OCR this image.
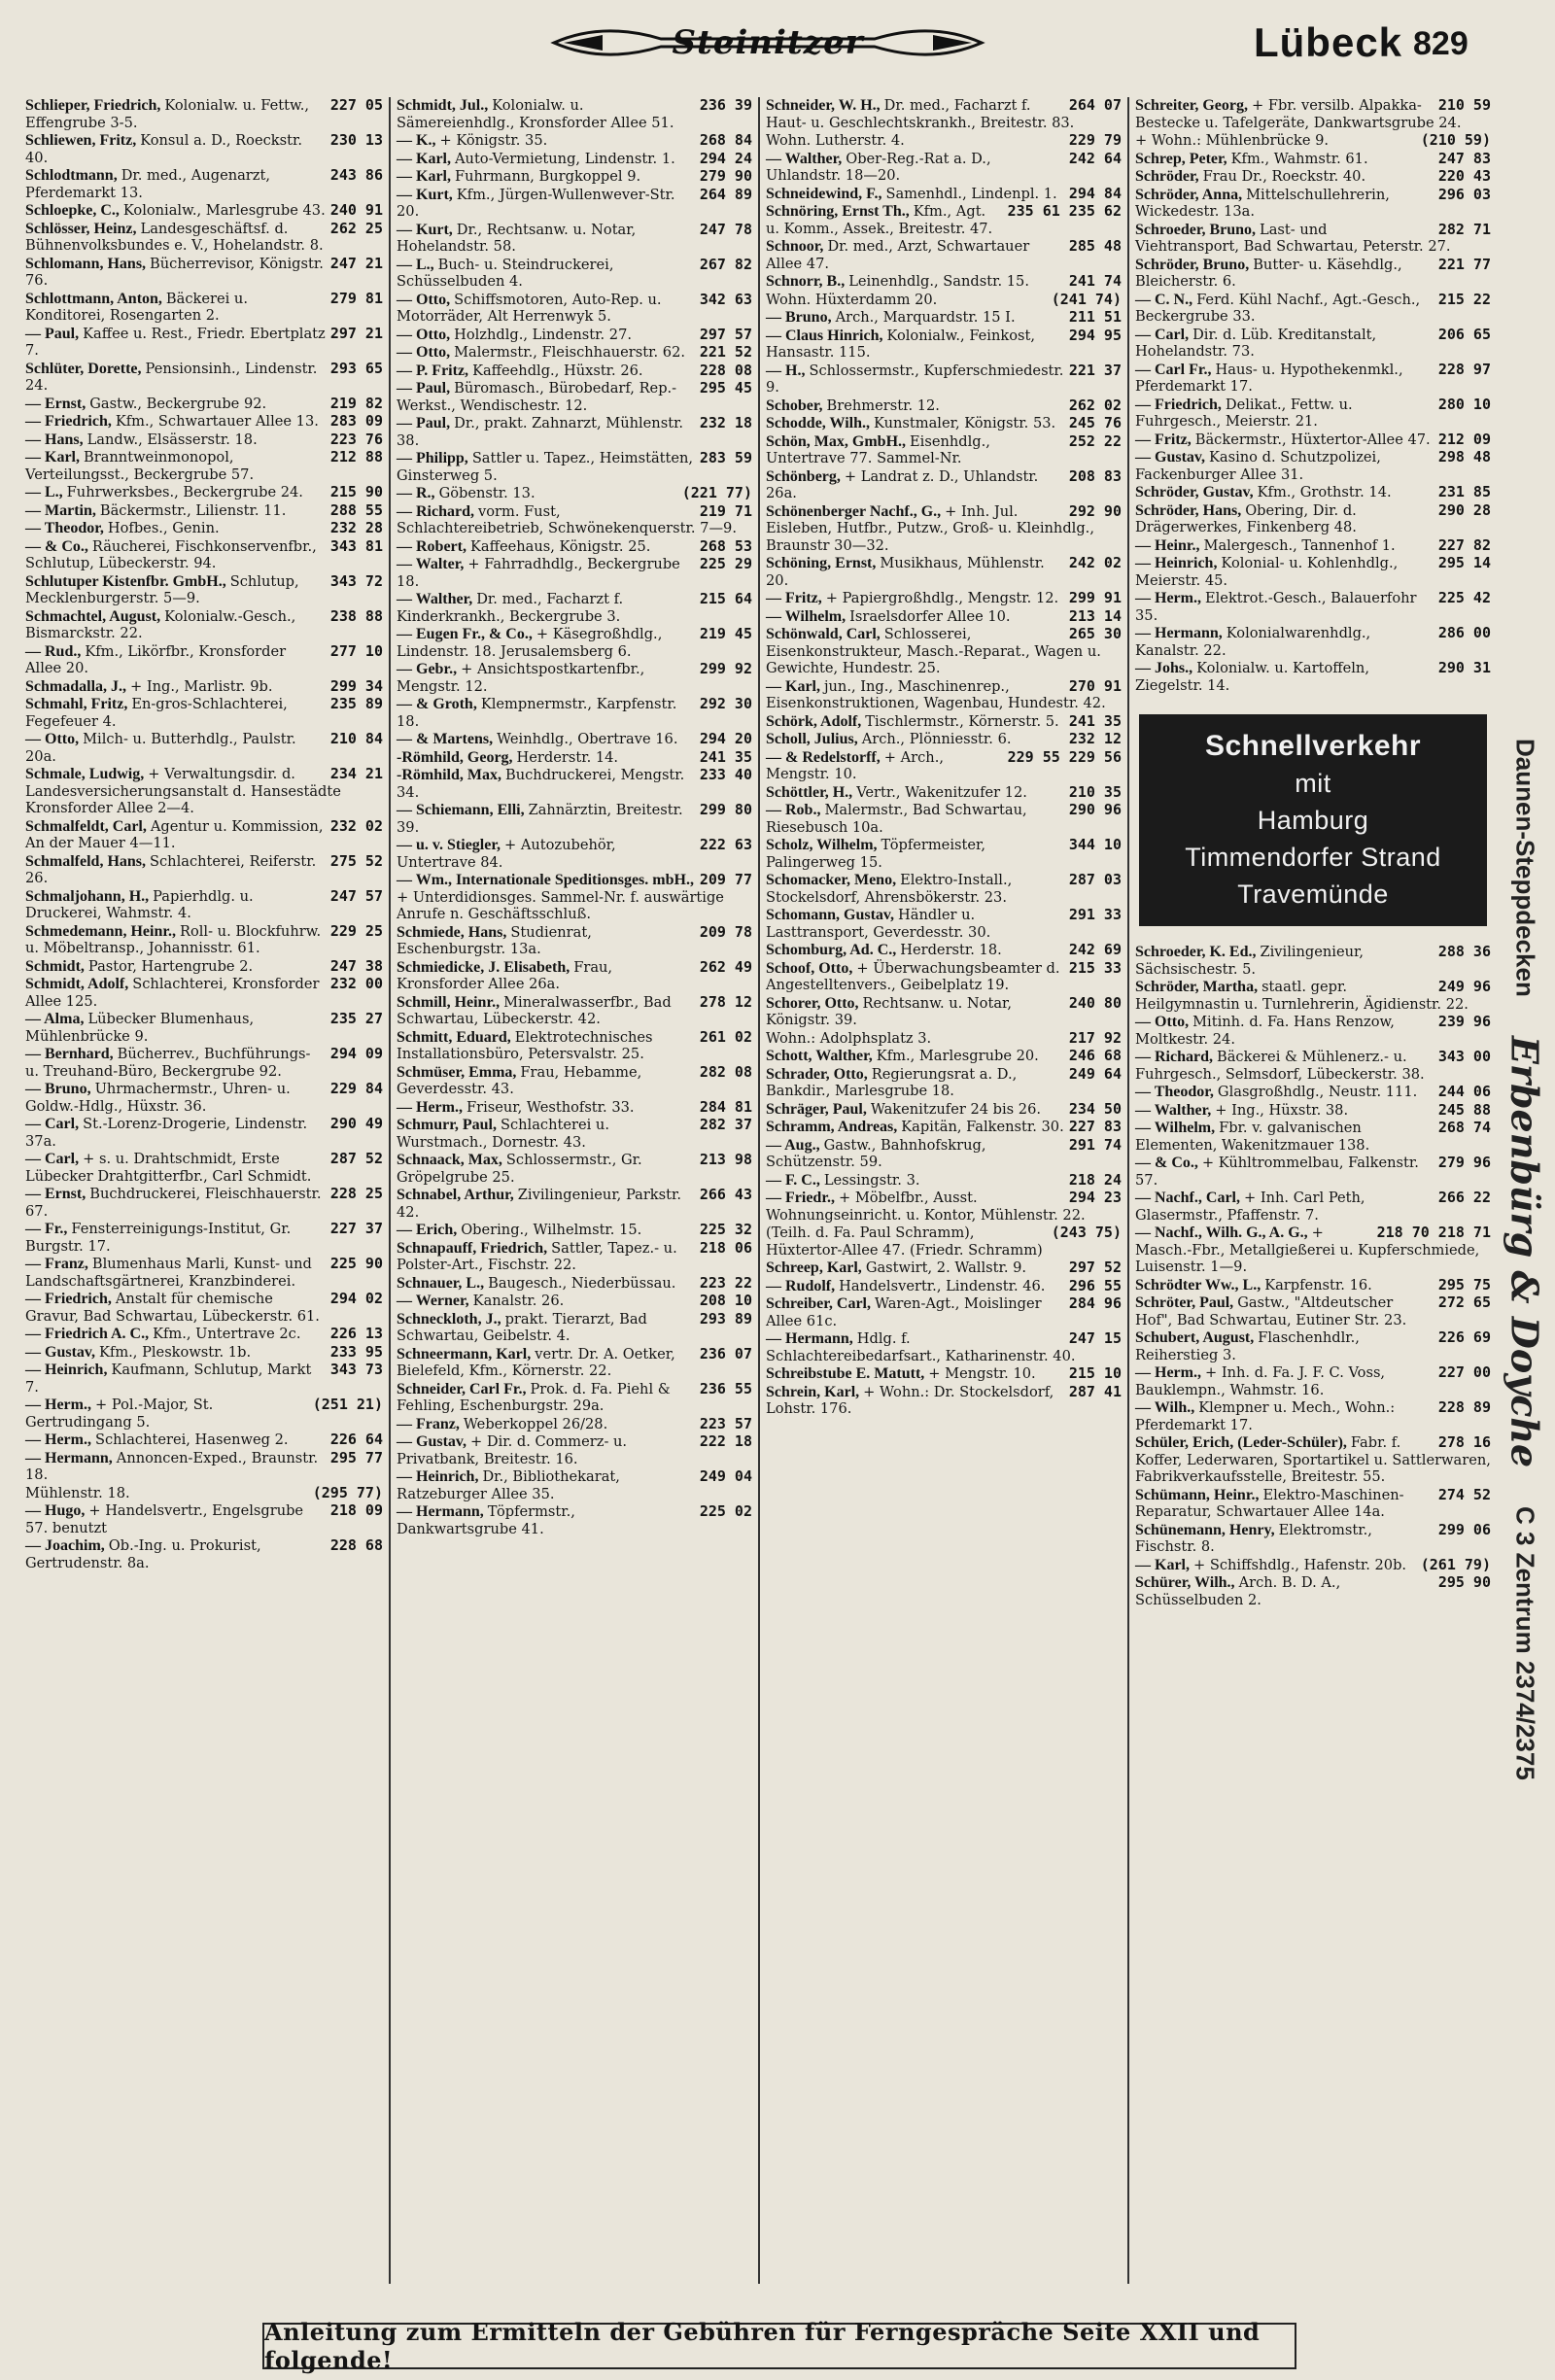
Steinitzer	Lübeck 829
227 05
Schlieper, Friedrich, Kolonialw. u. Fettw., Effengrube 3-5.
230 13
Schliewen, Fritz, Konsul a. D., Roeckstr. 40.
243 86
Schlodtmann, Dr. med., Augenarzt, Pferdemarkt 13.
240 91
Schloepke, C., Kolonialw., Marlesgrube 43.
262 25
Schlösser, Heinz, Landesgeschäftsf. d. Bühnenvolksbundes e. V., Hohelandstr. 8.
247 21
Schlomann, Hans, Bücherrevisor, Königstr. 76.
279 81
Schlottmann, Anton, Bäckerei u. Konditorei, Rosengarten 2.
297 21
— Paul, Kaffee u. Rest., Friedr. Ebertplatz 7.
293 65
Schlüter, Dorette, Pensionsinh., Lindenstr. 24.
219 82
— Ernst, Gastw., Beckergrube 92.
283 09
— Friedrich, Kfm., Schwartauer Allee 13.
223 76
— Hans, Landw., Elsässerstr. 18.
212 88
— Karl, Branntweinmonopol, Verteilungsst., Beckergrube 57.
215 90
— L., Fuhrwerksbes., Beckergrube 24.
288 55
— Martin, Bäckermstr., Lilienstr. 11.
232 28
— Theodor, Hofbes., Genin.
343 81
— & Co., Räucherei, Fischkonservenfbr., Schlutup, Lübeckerstr. 94.
343 72
Schlutuper Kistenfbr. GmbH., Schlutup, Mecklenburgerstr. 5—9.
238 88
Schmachtel, August, Kolonialw.-Gesch., Bismarckstr. 22.
277 10
— Rud., Kfm., Likörfbr., Kronsforder Allee 20.
299 34
Schmadalla, J., + Ing., Marlistr. 9b.
235 89
Schmahl, Fritz, En-gros-Schlachterei, Fegefeuer 4.
210 84
— Otto, Milch- u. Butterhdlg., Paulstr. 20a.
234 21
Schmale, Ludwig, + Verwaltungsdir. d. Landesversicherungsanstalt d. Hansestädte Kronsforder Allee 2—4.
232 02
Schmalfeldt, Carl, Agentur u. Kommission, An der Mauer 4—11.
275 52
Schmalfeld, Hans, Schlachterei, Reiferstr. 26.
247 57
Schmaljohann, H., Papierhdlg. u. Druckerei, Wahmstr. 4.
229 25
Schmedemann, Heinr., Roll- u. Blockfuhrw. u. Möbeltransp., Johannisstr. 61.
247 38
Schmidt, Pastor, Hartengrube 2.
232 00
Schmidt, Adolf, Schlachterei, Kronsforder Allee 125.
235 27
— Alma, Lübecker Blumenhaus, Mühlenbrücke 9.
294 09
— Bernhard, Bücherrev., Buchführungs- u. Treuhand-Büro, Beckergrube 92.
229 84
— Bruno, Uhrmachermstr., Uhren- u. Goldw.-Hdlg., Hüxstr. 36.
290 49
— Carl, St.-Lorenz-Drogerie, Lindenstr. 37a.
287 52
— Carl, + s. u. Drahtschmidt, Erste Lübecker Drahtgitterfbr., Carl Schmidt.
228 25
— Ernst, Buchdruckerei, Fleischhauerstr. 67.
227 37
— Fr., Fensterreinigungs-Institut, Gr. Burgstr. 17.
225 90
— Franz, Blumenhaus Marli, Kunst- und Landschaftsgärtnerei, Kranzbinderei.
294 02
— Friedrich, Anstalt für chemische Gravur, Bad Schwartau, Lübeckerstr. 61.
226 13
— Friedrich A. C., Kfm., Untertrave 2c.
233 95
— Gustav, Kfm., Pleskowstr. 1b.
343 73
— Heinrich, Kaufmann, Schlutup, Markt 7.
(251 21)
— Herm., + Pol.-Major, St. Gertrudingang 5.
226 64
— Herm., Schlachterei, Hasenweg 2.
295 77
— Hermann, Annoncen-Exped., Braunstr. 18.
(295 77)
Mühlenstr. 18.
218 09
— Hugo, + Handelsvertr., Engelsgrube 57. benutzt
228 68
— Joachim, Ob.-Ing. u. Prokurist, Gertrudenstr. 8a.
236 39
Schmidt, Jul., Kolonialw. u. Sämereienhdlg., Kronsforder Allee 51.
268 84
— K., + Königstr. 35.
294 24
— Karl, Auto-Vermietung, Lindenstr. 1.
279 90
— Karl, Fuhrmann, Burgkoppel 9.
264 89
— Kurt, Kfm., Jürgen-Wullenwever-Str. 20.
247 78
— Kurt, Dr., Rechtsanw. u. Notar, Hohelandstr. 58.
267 82
— L., Buch- u. Steindruckerei, Schüsselbuden 4.
342 63
— Otto, Schiffsmotoren, Auto-Rep. u. Motorräder, Alt Herrenwyk 5.
297 57
— Otto, Holzhdlg., Lindenstr. 27.
221 52
— Otto, Malermstr., Fleischhauerstr. 62.
228 08
— P. Fritz, Kaffeehdlg., Hüxstr. 26.
295 45
— Paul, Büromasch., Bürobedarf, Rep.-Werkst., Wendischestr. 12.
232 18
— Paul, Dr., prakt. Zahnarzt, Mühlenstr. 38.
283 59
— Philipp, Sattler u. Tapez., Heimstätten, Ginsterweg 5.
(221 77)
— R., Göbenstr. 13.
219 71
— Richard, vorm. Fust, Schlachtereibetrieb, Schwönekenquerstr. 7—9.
268 53
— Robert, Kaffeehaus, Königstr. 25.
225 29
— Walter, + Fahrradhdlg., Beckergrube 18.
215 64
— Walther, Dr. med., Facharzt f. Kinderkrankh., Beckergrube 3.
219 45
— Eugen Fr., & Co., + Käsegroßhdlg., Lindenstr. 18. Jerusalemsberg 6.
299 92
— Gebr., + Ansichtspostkartenfbr., Mengstr. 12.
292 30
— & Groth, Klempnermstr., Karpfenstr. 18.
294 20
— & Martens, Weinhdlg., Obertrave 16.
241 35
-Römhild, Georg, Herderstr. 14.
233 40
-Römhild, Max, Buchdruckerei, Mengstr. 34.
299 80
— Schiemann, Elli, Zahnärztin, Breitestr. 39.
222 63
— u. v. Stiegler, + Autozubehör, Untertrave 84.
209 77
— Wm., Internationale Speditionsges. mbH., + Unterdidionsges. Sammel-Nr. f. auswärtige Anrufe n. Geschäftsschluß.
209 78
Schmiede, Hans, Studienrat, Eschenburgstr. 13a.
262 49
Schmiedicke, J. Elisabeth, Frau, Kronsforder Allee 26a.
278 12
Schmill, Heinr., Mineralwasserfbr., Bad Schwartau, Lübeckerstr. 42.
261 02
Schmitt, Eduard, Elektrotechnisches Installationsbüro, Petersvalstr. 25.
282 08
Schmüser, Emma, Frau, Hebamme, Geverdesstr. 43.
284 81
— Herm., Friseur, Westhofstr. 33.
282 37
Schmurr, Paul, Schlachterei u. Wurstmach., Dornestr. 43.
213 98
Schnaack, Max, Schlossermstr., Gr. Gröpelgrube 25.
266 43
Schnabel, Arthur, Zivilingenieur, Parkstr. 42.
225 32
— Erich, Obering., Wilhelmstr. 15.
218 06
Schnapauff, Friedrich, Sattler, Tapez.- u. Polster-Art., Fischstr. 22.
223 22
Schnauer, L., Baugesch., Niederbüssau.
208 10
— Werner, Kanalstr. 26.
293 89
Schneckloth, J., prakt. Tierarzt, Bad Schwartau, Geibelstr. 4.
236 07
Schneermann, Karl, vertr. Dr. A. Oetker, Bielefeld, Kfm., Körnerstr. 22.
236 55
Schneider, Carl Fr., Prok. d. Fa. Piehl & Fehling, Eschenburgstr. 29a.
223 57
— Franz, Weberkoppel 26/28.
222 18
— Gustav, + Dir. d. Commerz- u. Privatbank, Breitestr. 16.
249 04
— Heinrich, Dr., Bibliothekarat, Ratzeburger Allee 35.
225 02
— Hermann, Töpfermstr., Dankwartsgrube 41.
264 07
Schneider, W. H., Dr. med., Facharzt f. Haut- u. Geschlechtskrankh., Breitestr. 83.
229 79
Wohn. Lutherstr. 4.
242 64
— Walther, Ober-Reg.-Rat a. D., Uhlandstr. 18—20.
294 84
Schneidewind, F., Samenhdl., Lindenpl. 1.
235 61 235 62
Schnöring, Ernst Th., Kfm., Agt. u. Komm., Assek., Breitestr. 47.
285 48
Schnoor, Dr. med., Arzt, Schwartauer Allee 47.
241 74
Schnorr, B., Leinenhdlg., Sandstr. 15.
(241 74)
Wohn. Hüxterdamm 20.
211 51
— Bruno, Arch., Marquardstr. 15 I.
294 95
— Claus Hinrich, Kolonialw., Feinkost, Hansastr. 115.
221 37
— H., Schlossermstr., Kupferschmiedestr. 9.
262 02
Schober, Brehmerstr. 12.
245 76
Schodde, Wilh., Kunstmaler, Königstr. 53.
252 22
Schön, Max, GmbH., Eisenhdlg., Untertrave 77. Sammel-Nr.
208 83
Schönberg, + Landrat z. D., Uhlandstr. 26a.
292 90
Schönenberger Nachf., G., + Inh. Jul. Eisleben, Hutfbr., Putzw., Groß- u. Kleinhdlg., Braunstr 30—32.
242 02
Schöning, Ernst, Musikhaus, Mühlenstr. 20.
299 91
— Fritz, + Papiergroßhdlg., Mengstr. 12.
213 14
— Wilhelm, Israelsdorfer Allee 10.
265 30
Schönwald, Carl, Schlosserei, Eisenkonstrukteur, Masch.-Reparat., Wagen u. Gewichte, Hundestr. 25.
270 91
— Karl, jun., Ing., Maschinenrep., Eisenkonstruktionen, Wagenbau, Hundestr. 42.
241 35
Schörk, Adolf, Tischlermstr., Körnerstr. 5.
232 12
Scholl, Julius, Arch., Plönniesstr. 6.
229 55 229 56
— & Redelstorff, + Arch., Mengstr. 10.
210 35
Schöttler, H., Vertr., Wakenitzufer 12.
290 96
— Rob., Malermstr., Bad Schwartau, Riesebusch 10a.
344 10
Scholz, Wilhelm, Töpfermeister, Palingerweg 15.
287 03
Schomacker, Meno, Elektro-Install., Stockelsdorf, Ahrensbökerstr. 23.
291 33
Schomann, Gustav, Händler u. Lasttransport, Geverdesstr. 30.
242 69
Schomburg, Ad. C., Herderstr. 18.
215 33
Schoof, Otto, + Überwachungsbeamter d. Angestelltenvers., Geibelplatz 19.
240 80
Schorer, Otto, Rechtsanw. u. Notar, Königstr. 39.
217 92
Wohn.: Adolphsplatz 3.
246 68
Schott, Walther, Kfm., Marlesgrube 20.
249 64
Schrader, Otto, Regierungsrat a. D., Bankdir., Marlesgrube 18.
234 50
Schräger, Paul, Wakenitzufer 24 bis 26.
227 83
Schramm, Andreas, Kapitän, Falkenstr. 30.
291 74
— Aug., Gastw., Bahnhofskrug, Schützenstr. 59.
218 24
— F. C., Lessingstr. 3.
294 23
— Friedr., + Möbelfbr., Ausst. Wohnungseinricht. u. Kontor, Mühlenstr. 22.
(243 75)
(Teilh. d. Fa. Paul Schramm), Hüxtertor-Allee 47. (Friedr. Schramm)
297 52
Schreep, Karl, Gastwirt, 2. Wallstr. 9.
296 55
— Rudolf, Handelsvertr., Lindenstr. 46.
284 96
Schreiber, Carl, Waren-Agt., Moislinger Allee 61c.
247 15
— Hermann, Hdlg. f. Schlachtereibedarfsart., Katharinenstr. 40.
215 10
Schreibstube E. Matutt, + Mengstr. 10.
287 41
Schrein, Karl, + Wohn.: Dr. Stockelsdorf, Lohstr. 176.
210 59
Schreiter, Georg, + Fbr. versilb. Alpakka-Bestecke u. Tafelgeräte, Dankwartsgrube 24.
(210 59)
+ Wohn.: Mühlenbrücke 9.
247 83
Schrep, Peter, Kfm., Wahmstr. 61.
220 43
Schröder, Frau Dr., Roeckstr. 40.
296 03
Schröder, Anna, Mittelschullehrerin, Wickedestr. 13a.
282 71
Schroeder, Bruno, Last- und Viehtransport, Bad Schwartau, Peterstr. 27.
221 77
Schröder, Bruno, Butter- u. Käsehdlg., Bleicherstr. 6.
215 22
— C. N., Ferd. Kühl Nachf., Agt.-Gesch., Beckergrube 33.
206 65
— Carl, Dir. d. Lüb. Kreditanstalt, Hohelandstr. 73.
228 97
— Carl Fr., Haus- u. Hypothekenmkl., Pferdemarkt 17.
280 10
— Friedrich, Delikat., Fettw. u. Fuhrgesch., Meierstr. 21.
212 09
— Fritz, Bäckermstr., Hüxtertor-Allee 47.
298 48
— Gustav, Kasino d. Schutzpolizei, Fackenburger Allee 31.
231 85
Schröder, Gustav, Kfm., Grothstr. 14.
290 28
Schröder, Hans, Obering, Dir. d. Drägerwerkes, Finkenberg 48.
227 82
— Heinr., Malergesch., Tannenhof 1.
295 14
— Heinrich, Kolonial- u. Kohlenhdlg., Meierstr. 45.
225 42
— Herm., Elektrot.-Gesch., Balauerfohr 35.
286 00
— Hermann, Kolonialwarenhdlg., Kanalstr. 22.
290 31
— Johs., Kolonialw. u. Kartoffeln, Ziegelstr. 14.
Schnellverkehr
mit
Hamburg
Timmendorfer Strand
Travemünde
288 36
Schroeder, K. Ed., Zivilingenieur, Sächsischestr. 5.
249 96
Schröder, Martha, staatl. gepr. Heilgymnastin u. Turnlehrerin, Ägidienstr. 22.
239 96
— Otto, Mitinh. d. Fa. Hans Renzow, Moltkestr. 24.
343 00
— Richard, Bäckerei & Mühlenerz.- u. Fuhrgesch., Selmsdorf, Lübeckerstr. 38.
244 06
— Theodor, Glasgroßhdlg., Neustr. 111.
245 88
— Walther, + Ing., Hüxstr. 38.
268 74
— Wilhelm, Fbr. v. galvanischen Elementen, Wakenitzmauer 138.
279 96
— & Co., + Kühltrommelbau, Falkenstr. 57.
266 22
— Nachf., Carl, + Inh. Carl Peth, Glasermstr., Pfaffenstr. 7.
218 70 218 71
— Nachf., Wilh. G., A. G., + Masch.-Fbr., Metallgießerei u. Kupferschmiede, Luisenstr. 1—9.
295 75
Schrödter Ww., L., Karpfenstr. 16.
272 65
Schröter, Paul, Gastw., "Altdeutscher Hof", Bad Schwartau, Eutiner Str. 23.
226 69
Schubert, August, Flaschenhdlr., Reiherstieg 3.
227 00
— Herm., + Inh. d. Fa. J. F. C. Voss, Bauklempn., Wahmstr. 16.
228 89
— Wilh., Klempner u. Mech., Wohn.: Pferdemarkt 17.
278 16
Schüler, Erich, (Leder-Schüler), Fabr. f. Koffer, Lederwaren, Sportartikel u. Sattlerwaren, Fabrikverkaufsstelle, Breitestr. 55.
274 52
Schümann, Heinr., Elektro-Maschinen-Reparatur, Schwartauer Allee 14a.
299 06
Schünemann, Henry, Elektromstr., Fischstr. 8.
(261 79)
— Karl, + Schiffshdlg., Hafenstr. 20b.
295 90
Schürer, Wilh., Arch. B. D. A., Schüsselbuden 2.
Daunen-Steppdecken
Erbenbürg & Doyche
C 3 Zentrum 2374/2375
Anleitung zum Ermitteln der Gebühren für Ferngespräche Seite XXII und folgende!
